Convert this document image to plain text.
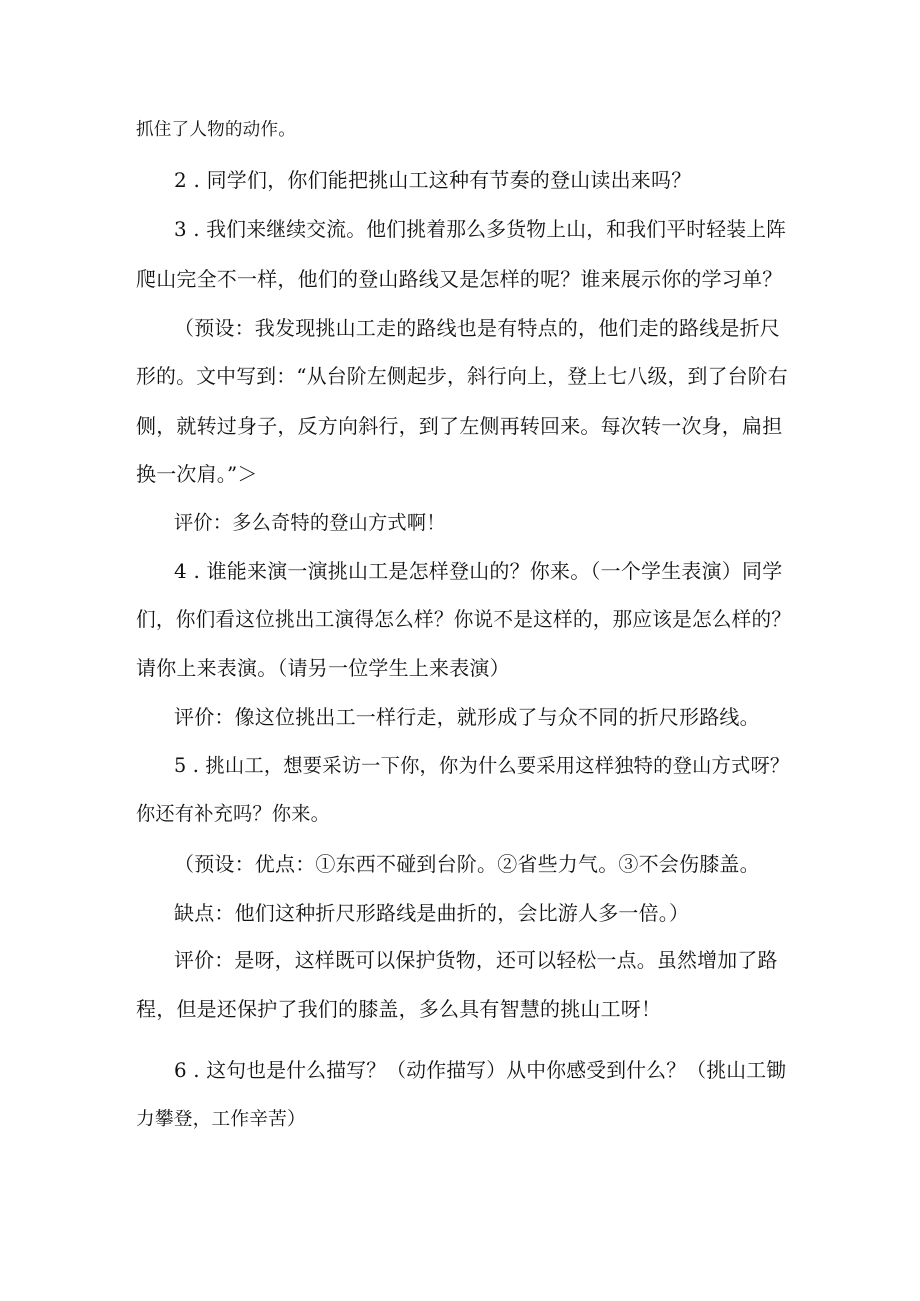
抓住了人物的动作。
2 . 同学们，你们能把挑山工这种有节奏的登山读出来吗？
3 . 我们来继续交流。他们挑着那么多货物上山，和我们平时轻装上阵
爬山完全不一样，他们的登山路线又是怎样的呢？谁来展示你的学习单？
（预设：我发现挑山工走的路线也是有特点的，他们走的路线是折尺
形的。文中写到：“从台阶左侧起步，斜行向上，登上七八级，到了台阶右
侧，就转过身子，反方向斜行，到了左侧再转回来。每次转一次身，扁担
换一次肩。”＞
评价：多么奇特的登山方式啊！
4 . 谁能来演一演挑山工是怎样登山的？你来。（一个学生表演）同学
们，你们看这位挑出工演得怎么样？你说不是这样的，那应该是怎么样的？
请你上来表演。（请另一位学生上来表演）
评价：像这位挑出工一样行走，就形成了与众不同的折尺形路线。
5 . 挑山工，想要采访一下你，你为什么要采用这样独特的登山方式呀？
你还有补充吗？你来。
（预设：优点：①东西不碰到台阶。②省些力气。③不会伤膝盖。
缺点：他们这种折尺形路线是曲折的，会比游人多一倍。）
评价：是呀，这样既可以保护货物，还可以轻松一点。虽然增加了路
程，但是还保护了我们的膝盖，多么具有智慧的挑山工呀！
6 . 这句也是什么描写？（动作描写）从中你感受到什么？（挑山工锄
力攀登，工作辛苦）
